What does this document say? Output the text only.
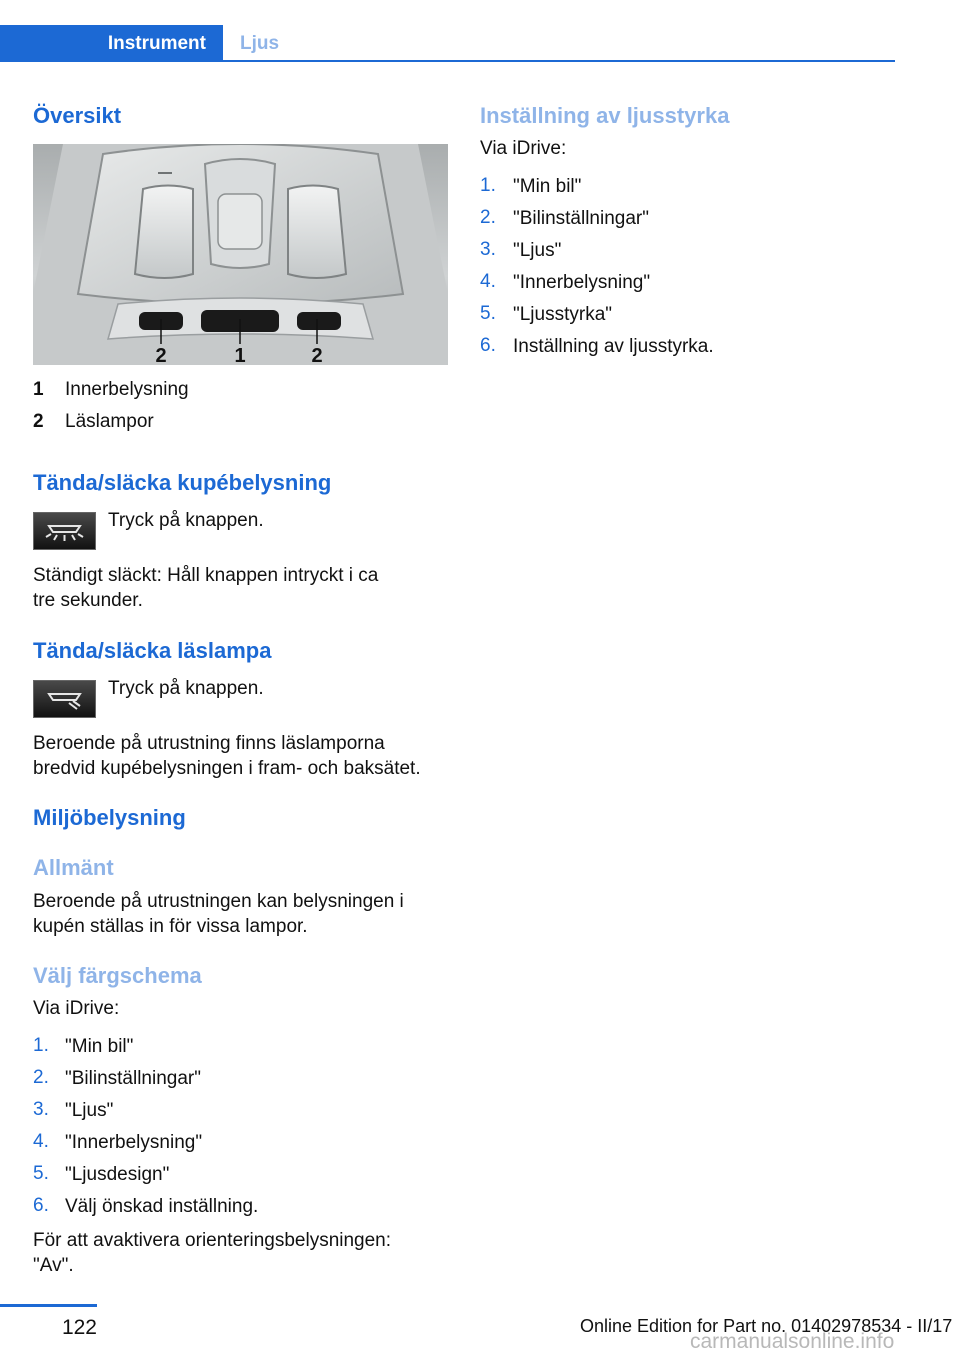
Instrument Ljus
Översikt
2	1	2
1 Innerbelysning
2 Läslampor
Tända/släcka kupébelysning
Tryck på knappen.
Ständigt släckt: Håll knappen intryckt i ca
tre sekunder.
Tända/släcka läslampa
Tryck på knappen.
Beroende på utrustning finns läslamporna
bredvid kupébelysningen i fram- och baksätet.
Miljöbelysning
Allmänt
Beroende på utrustningen kan belysningen i
kupén ställas in för vissa lampor.
Välj färgschema
Via iDrive:
1. "Min bil"
2. "Bilinställningar"
3. "Ljus"
4. "Innerbelysning"
5. "Ljusdesign"
6. Välj önskad inställning.
För att avaktivera orienteringsbelysningen:
"Av".
Inställning av ljusstyrka
Via iDrive:
1. "Min bil"
2. "Bilinställningar"
3. "Ljus"
4. "Innerbelysning"
5. "Ljusstyrka"
6. Inställning av ljusstyrka.
122	Online Edition for Part no. 01402978534 - II/17
carmanualsonline.info
